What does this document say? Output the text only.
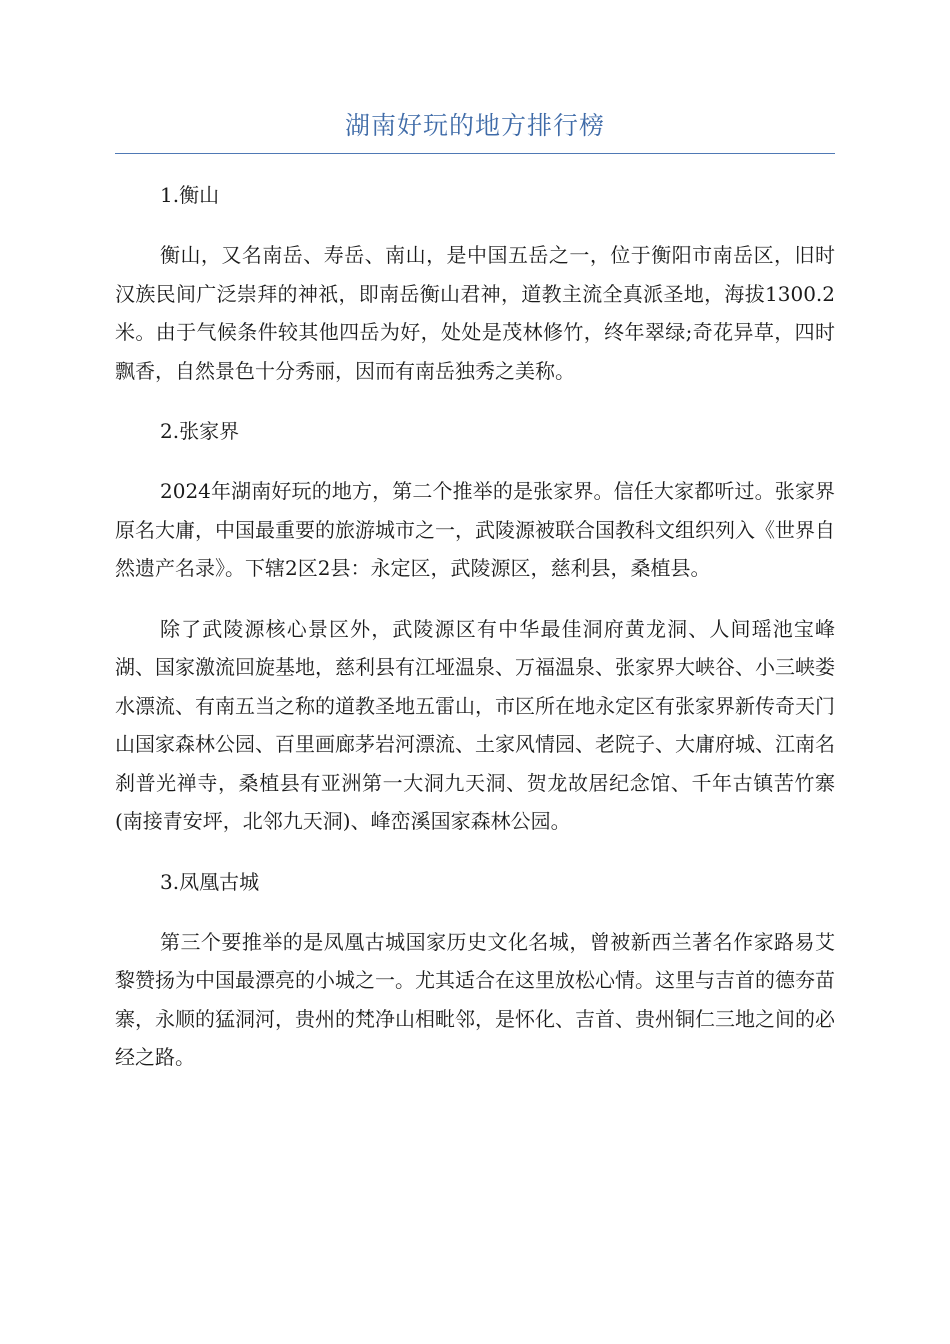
湖南好玩的地方排行榜

1.衡山

衡山，又名南岳、寿岳、南山，是中国五岳之一，位于衡阳市南岳区，旧时汉族民间广泛崇拜的神祇，即南岳衡山君神，道教主流全真派圣地，海拔1300.2米。由于气候条件较其他四岳为好，处处是茂林修竹，终年翠绿;奇花异草，四时飘香，自然景色十分秀丽，因而有南岳独秀之美称。

2.张家界

2024年湖南好玩的地方，第二个推举的是张家界。信任大家都听过。张家界原名大庸，中国最重要的旅游城市之一，武陵源被联合国教科文组织列入《世界自然遗产名录》。下辖2区2县：永定区，武陵源区，慈利县，桑植县。

除了武陵源核心景区外，武陵源区有中华最佳洞府黄龙洞、人间瑶池宝峰湖、国家激流回旋基地，慈利县有江垭温泉、万福温泉、张家界大峡谷、小三峡娄水漂流、有南五当之称的道教圣地五雷山，市区所在地永定区有张家界新传奇天门山国家森林公园、百里画廊茅岩河漂流、土家风情园、老院子、大庸府城、江南名刹普光禅寺，桑植县有亚洲第一大洞九天洞、贺龙故居纪念馆、千年古镇苦竹寨(南接青安坪，北邻九天洞)、峰峦溪国家森林公园。

3.凤凰古城

第三个要推举的是凤凰古城国家历史文化名城，曾被新西兰著名作家路易艾黎赞扬为中国最漂亮的小城之一。尤其适合在这里放松心情。这里与吉首的德夯苗寨，永顺的猛洞河，贵州的梵净山相毗邻，是怀化、吉首、贵州铜仁三地之间的必经之路。
